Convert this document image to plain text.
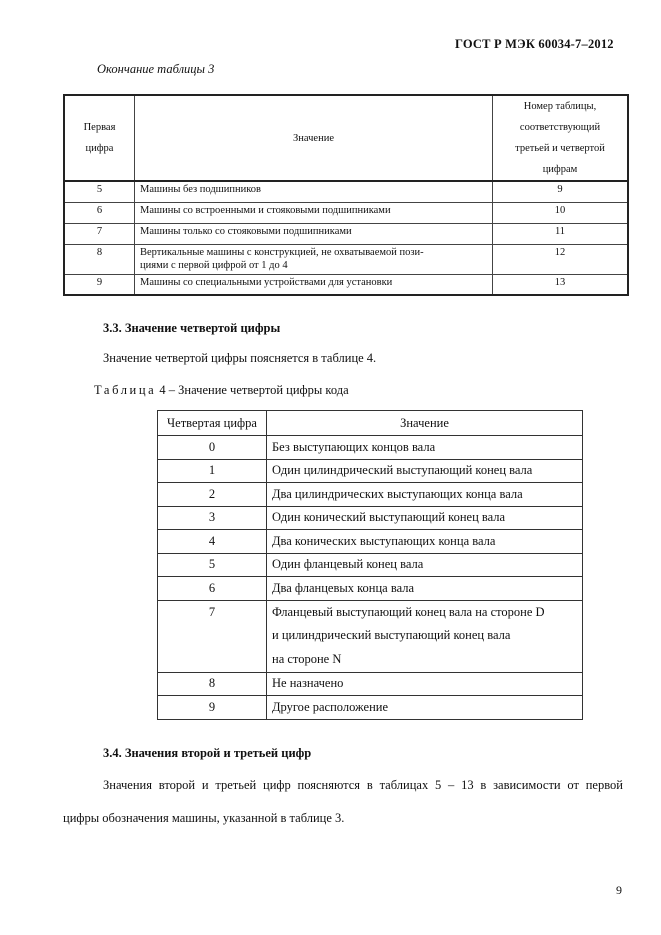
ГОСТ Р МЭК 60034-7–2012
Окончание таблицы 3
Первая
цифра	Значение	Номер таблицы,
соответствующий
третьей и четвертой
цифрам
5	Машины без подшипников	9
6	Машины со встроенными и стояковыми подшипниками	10
7	Машины только со стояковыми подшипниками	11
8	Вертикальные машины с конструкцией, не охватываемой пози-
циями с первой цифрой от 1 до 4	12
9	Машины со специальными устройствами для установки	13
3.3. Значение четвертой цифры
Значение четвертой цифры поясняется в таблице 4.
Таблица 4 – Значение четвертой цифры кода
Четвертая цифра	Значение
0	Без выступающих концов вала
1	Один цилиндрический выступающий конец вала
2	Два цилиндрических выступающих конца вала
3	Один конический выступающий конец вала
4	Два конических выступающих конца вала
5	Один фланцевый конец вала
6	Два фланцевых конца вала
7	Фланцевый выступающий конец вала на стороне D
и цилиндрический выступающий конец вала
на стороне N
8	Не назначено
9	Другое расположение
3.4. Значения второй и третьей цифр
Значения второй и третьей цифр поясняются в таблицах 5 – 13 в зависимости от первой
цифры обозначения машины, указанной в таблице 3.
9
